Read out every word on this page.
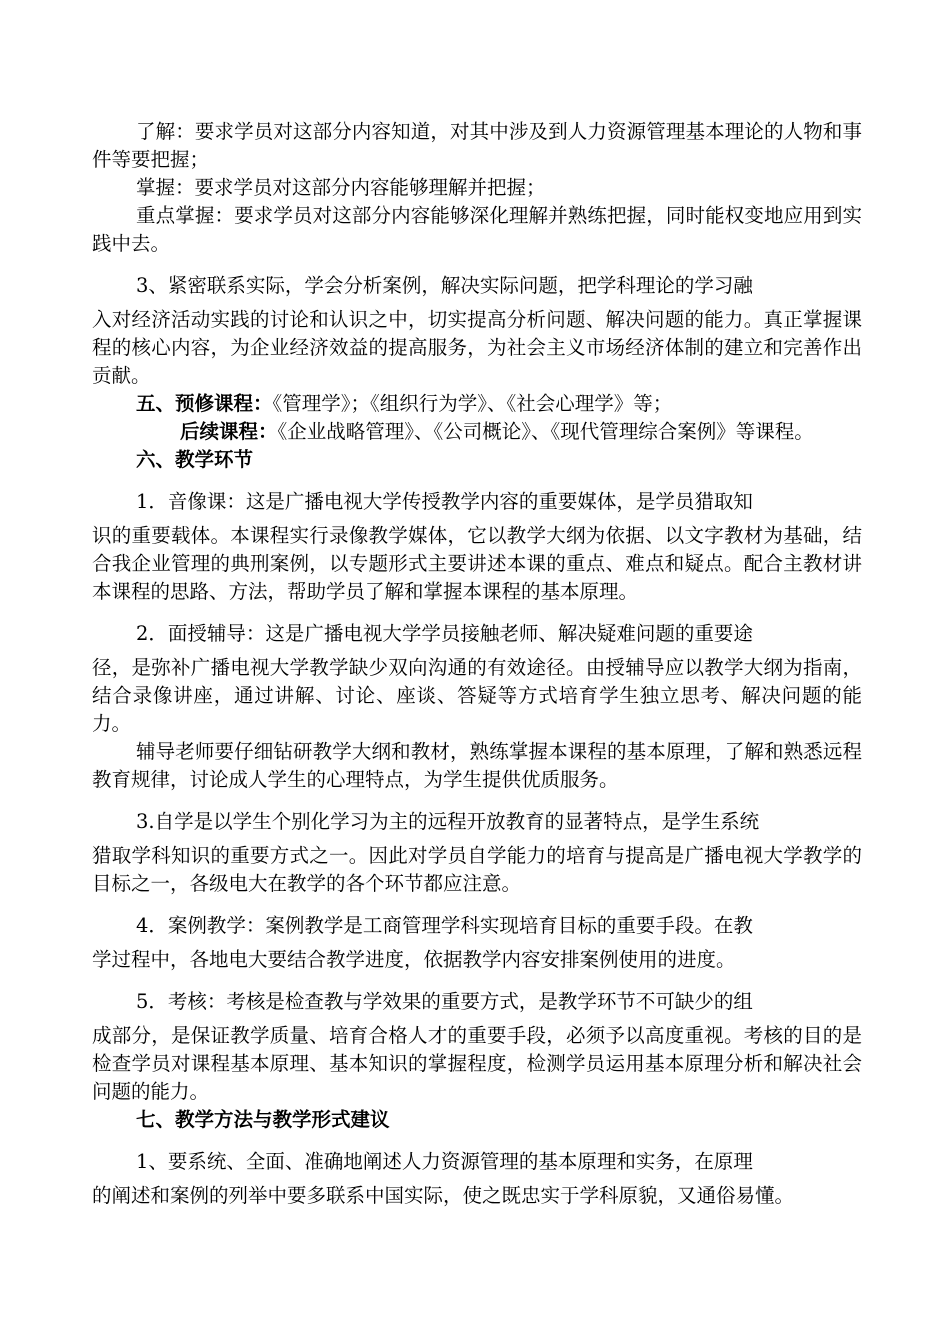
了解：要求学员对这部分内容知道，对其中涉及到人力资源管理基本理论的人物和事件等要把握；

掌握：要求学员对这部分内容能够理解并把握；

重点掌握：要求学员对这部分内容能够深化理解并熟练把握，同时能权变地应用到实践中去。

3、紧密联系实际，学会分析案例，解决实际问题，把学科理论的学习融

入对经济活动实践的讨论和认识之中，切实提高分析问题、解决问题的能力。真正掌握课程的核心内容，为企业经济效益的提高服务，为社会主义市场经济体制的建立和完善作出贡献。

五、预修课程：《管理学》；《组织行为学》、《社会心理学》等；

后续课程：《企业战略管理》、《公司概论》、《现代管理综合案例》等课程。

六、教学环节

1．音像课：这是广播电视大学传授教学内容的重要媒体，是学员猎取知

识的重要载体。本课程实行录像教学媒体，它以教学大纲为依据、以文字教材为基础，结合我企业管理的典刑案例，以专题形式主要讲述本课的重点、难点和疑点。配合主教材讲本课程的思路、方法，帮助学员了解和掌握本课程的基本原理。

2．面授辅导：这是广播电视大学学员接触老师、解决疑难问题的重要途

径，是弥补广播电视大学教学缺少双向沟通的有效途径。由授辅导应以教学大纲为指南，结合录像讲座，通过讲解、讨论、座谈、答疑等方式培育学生独立思考、解决问题的能力。

辅导老师要仔细钻研教学大纲和教材，熟练掌握本课程的基本原理，了解和熟悉远程教育规律，讨论成人学生的心理特点，为学生提供优质服务。

3.自学是以学生个别化学习为主的远程开放教育的显著特点，是学生系统

猎取学科知识的重要方式之一。因此对学员自学能力的培育与提高是广播电视大学教学的目标之一，各级电大在教学的各个环节都应注意。

4．案例教学：案例教学是工商管理学科实现培育目标的重要手段。在教

学过程中，各地电大要结合教学进度，依据教学内容安排案例使用的进度。

5．考核：考核是检查教与学效果的重要方式，是教学环节不可缺少的组

成部分，是保证教学质量、培育合格人才的重要手段，必须予以高度重视。考核的目的是检查学员对课程基本原理、基本知识的掌握程度，检测学员运用基本原理分析和解决社会问题的能力。

七、教学方法与教学形式建议

1、要系统、全面、准确地阐述人力资源管理的基本原理和实务，在原理

的阐述和案例的列举中要多联系中国实际，使之既忠实于学科原貌，又通俗易懂。
